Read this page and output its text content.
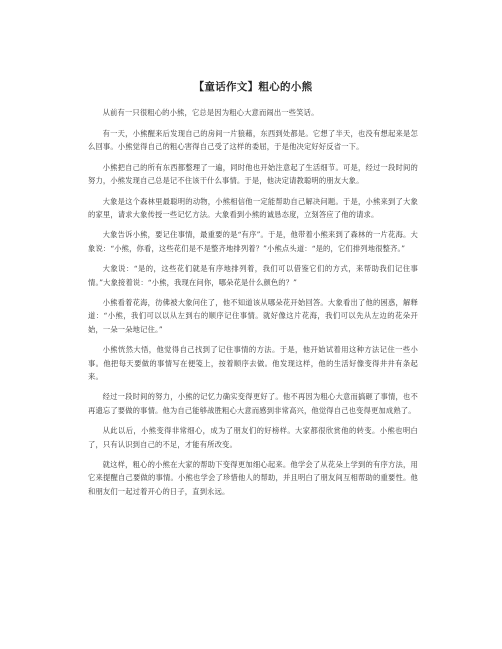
【童话作文】粗心的小熊

从前有一只很粗心的小熊，它总是因为粗心大意而闹出一些笑话。

有一天，小熊醒来后发现自己的房间一片狼藉，东西到处都是。它想了半天，也没有想起来是怎么回事。小熊觉得自己的粗心害得自己受了这样的委屈，于是他决定好好反省一下。

小熊把自己的所有东西都整理了一遍，同时他也开始注意起了生活细节。可是，经过一段时间的努力，小熊发现自己总是记不住该干什么事情。于是，他决定请教聪明的朋友大象。

大象是这个森林里最聪明的动物，小熊相信他一定能帮助自己解决问题。于是，小熊来到了大象的家里，请求大象传授一些记忆方法。大象看到小熊的诚恳态度，立刻答应了他的请求。

大象告诉小熊，要记住事情，最重要的是“有序”。于是，他带着小熊来到了森林的一片花海。大象说：“小熊，你看，这些花们是不是整齐地排列着？”小熊点头道：“是的，它们排列地很整齐。”

大象说：“是的，这些花们就是有序地排列着，我们可以借鉴它们的方式，来帮助我们记住事情。”大象接着说：“小熊，我现在问你，哪朵花是什么颜色的？”

小熊看着花海，彷佛被大象问住了，他不知道该从哪朵花开始回答。大象看出了他的困惑，解释道：“小熊，我们可以以从左到右的顺序记住事情。就好像这片花海，我们可以先从左边的花朵开始，一朵一朵地记住。”

小熊恍然大悟，他觉得自己找到了记住事情的方法。于是，他开始试着用这种方法记住一些小事。他把每天要做的事情写在便笺上，按着顺序去做。他发现这样，他的生活好像变得井井有条起来。

经过一段时间的努力，小熊的记忆力确实变得更好了。他不再因为粗心大意而搞砸了事情，也不再遗忘了要做的事情。他为自己能够战胜粗心大意而感到非常高兴，他觉得自己也变得更加成熟了。

从此以后，小熊变得非常细心，成为了朋友们的好榜样。大家都很欣赏他的转变。小熊也明白了，只有认识到自己的不足，才能有所改变。

就这样，粗心的小熊在大家的帮助下变得更加细心起来。他学会了从花朵上学到的有序方法，用它来提醒自己要做的事情。小熊也学会了珍惜他人的帮助，并且明白了朋友间互相帮助的重要性。他和朋友们一起过着开心的日子，直到永远。
